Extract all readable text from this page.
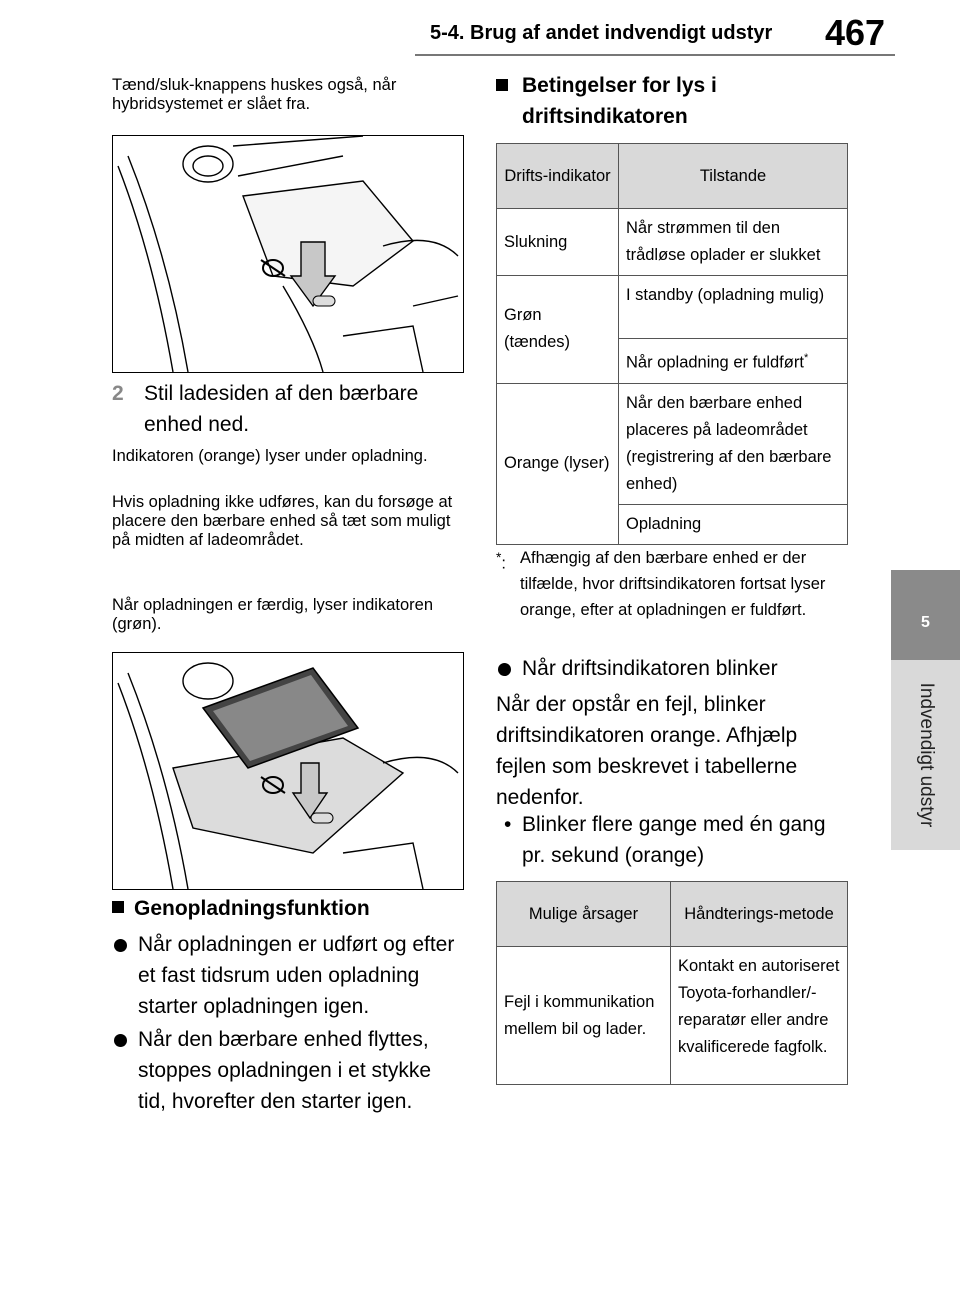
5-4. Brug af andet indvendigt udstyr 467
5
Indvendigt udstyr
Tænd/sluk-knappens huskes også, når hybridsystemet er slået fra.
2 Stil ladesiden af den bærbare enhed ned.
Indikatoren (orange) lyser under opladning.
Hvis opladning ikke udføres, kan du forsøge at placere den bærbare enhed så tæt som muligt på midten af ladeområdet.
Når opladningen er færdig, lyser indikatoren (grøn).
Genopladningsfunktion
Når opladningen er udført og efter et fast tidsrum uden opladning starter opladningen igen.
Når den bærbare enhed flyttes, stoppes opladningen i et stykke tid, hvorefter den starter igen.
Betingelser for lys i driftsindikatoren
Drifts-indikator	Tilstande
Slukning	Når strømmen til den trådløse oplader er slukket
Grøn (tændes)	I standby (opladning mulig)
	Når opladning er fuldført*
Orange (lyser)	Når den bærbare enhed placeres på ladeområdet (registrering af den bærbare enhed)
	Opladning
*: Afhængig af den bærbare enhed er der tilfælde, hvor driftsindikatoren fortsat lyser orange, efter at opladningen er fuldført.
Når driftsindikatoren blinker
Når der opstår en fejl, blinker driftsindikatoren orange. Afhjælp fejlen som beskrevet i tabellerne nedenfor.
• Blinker flere gange med én gang pr. sekund (orange)
Mulige årsager	Håndterings-metode
Fejl i kommunikation mellem bil og lader.	Kontakt en autoriseret Toyota-forhandler/-reparatør eller andre kvalificerede fagfolk.
